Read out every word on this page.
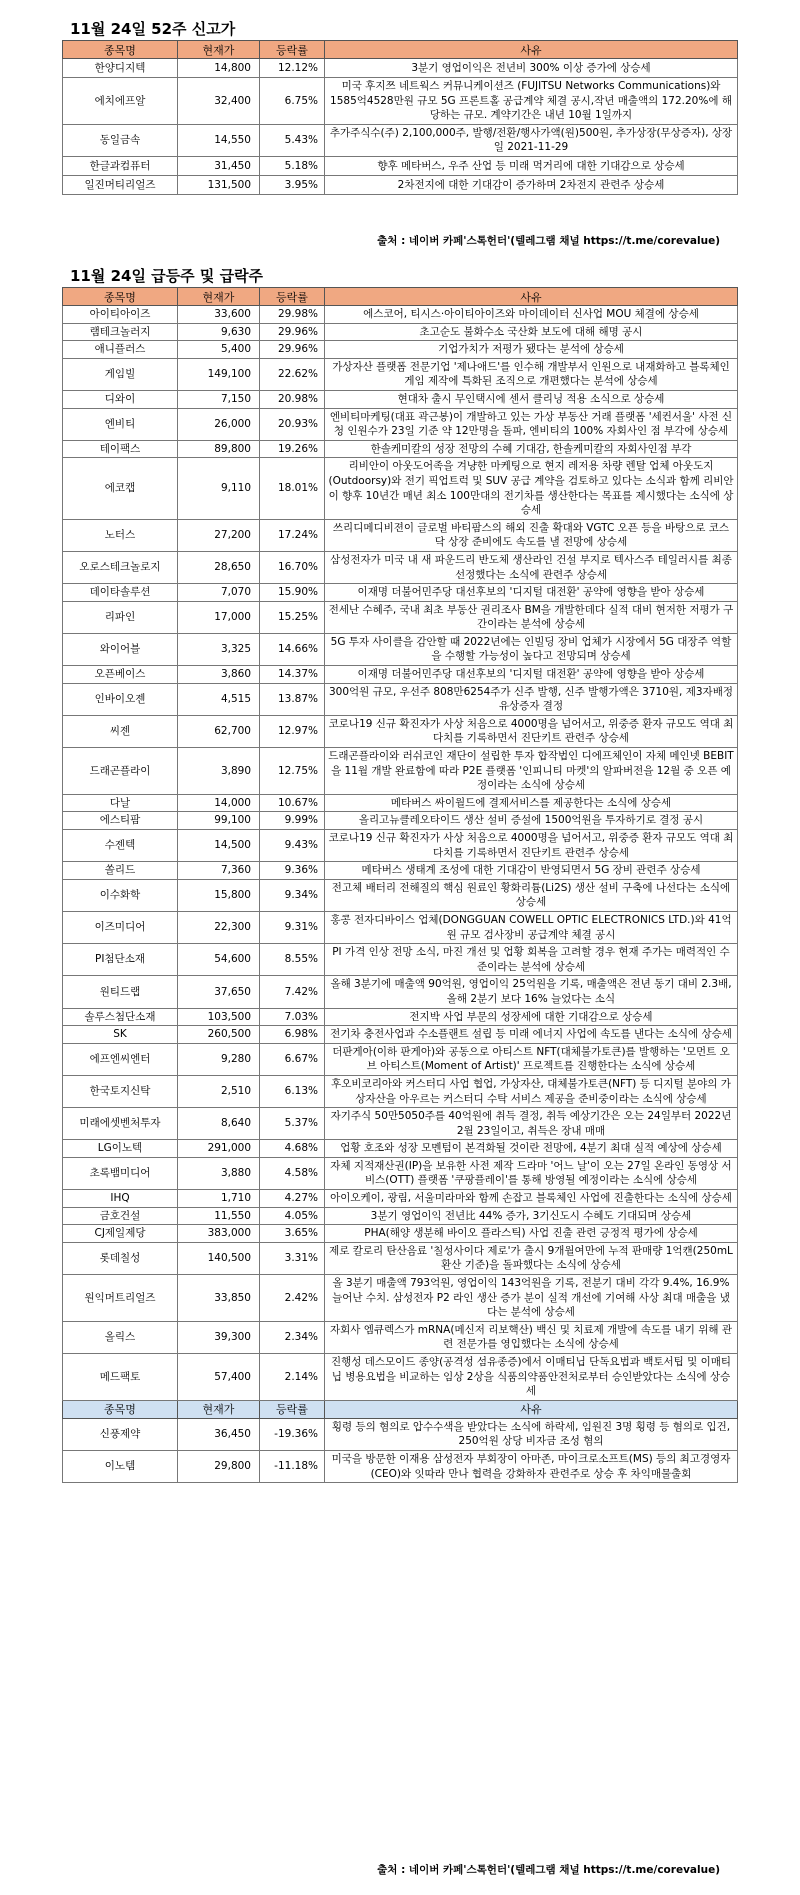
11월 24일 52주 신고가
종목명	현재가	등락률	사유
한양디지텍	14,800	12.12%	3분기 영업이익은 전년비 300% 이상 증가에 상승세
에치에프알	32,400	6.75%	미국 후지쯔 네트웍스 커뮤니케이션즈 (FUJITSU Networks Communications)와 1585억4528만원 규모 5G 프론트홀 공급계약 체결 공시,작년 매출액의 172.20%에 해당하는 규모. 계약기간은 내년 10월 1일까지
동일금속	14,550	5.43%	추가주식수(주) 2,100,000주, 발행/전환/행사가액(원)500원, 추가상장(무상증자), 상장일 2021-11-29
한글과컴퓨터	31,450	5.18%	향후 메타버스, 우주 산업 등 미래 먹거리에 대한 기대감으로 상승세
일진머티리얼즈	131,500	3.95%	2차전지에 대한 기대감이 증가하며 2차전지 관련주 상승세
출처 : 네이버 카페'스톡헌터'(텔레그램 채널 https://t.me/corevalue)
11월 24일 급등주 및 급락주
종목명	현재가	등락률	사유
아이티아이즈	33,600	29.98%	에스코어, 티시스·아이티아이즈와 마이데이터 신사업 MOU 체결에 상승세
램테크놀러지	9,630	29.96%	초고순도 불화수소 국산화 보도에 대해 해명 공시
애니플러스	5,400	29.96%	기업가치가 저평가 됐다는 분석에 상승세
게임빌	149,100	22.62%	가상자산 플랫폼 전문기업 '제나애드'를 인수해 개발부서 인원으로 내재화하고 블록체인 게임 제작에 특화된 조직으로 개편했다는 분석에 상승세
디와이	7,150	20.98%	현대차 출시 무인택시에 센서 클리닝 적용 소식으로 상승세
엔비티	26,000	20.93%	엔비티마케팅(대표 곽근봉)이 개발하고 있는 가상 부동산 거래 플랫폼 '세컨서울' 사전 신청 인원수가 23일 기준 약 12만명을 돌파, 엔비티의 100% 자회사인 점 부각에 상승세
테이팩스	89,800	19.26%	한솔케미칼의 성장 전망의 수혜 기대감, 한솔케미칼의 자회사인점 부각
에코캡	9,110	18.01%	리비안이 아웃도어족을 겨냥한 마케팅으로 현지 레저용 차량 렌탈 업체 아웃도지(Outdoorsy)와 전기 픽업트럭 및 SUV 공급 계약을 검토하고 있다는 소식과 함께 리비안이 향후 10년간 매년 최소 100만대의 전기차를 생산한다는 목표를 제시했다는 소식에 상승세
노터스	27,200	17.24%	쓰리디메디비젼이 글로벌 바티팜스의 해외 진출 확대와 VGTC 오픈 등을 바탕으로 코스닥 상장 준비에도 속도를 낼 전망에 상승세
오로스테크놀로지	28,650	16.70%	삼성전자가 미국 내 새 파운드리 반도체 생산라인 건설 부지로 텍사스주 테일러시를 최종 선정했다는 소식에 관련주 상승세
데이타솔루션	7,070	15.90%	이재명 더불어민주당 대선후보의 '디지털 대전환' 공약에 영향을 받아 상승세
리파인	17,000	15.25%	전세난 수혜주, 국내 최초 부동산 권리조사 BM을 개발한데다 실적 대비 현저한 저평가 구간이라는 분석에 상승세
와이어블	3,325	14.66%	5G 투자 사이클을 감안할 때 2022년에는 인빌딩 장비 업체가 시장에서 5G 대장주 역할을 수행할 가능성이 높다고 전망되며 상승세
오픈베이스	3,860	14.37%	이재명 더불어민주당 대선후보의 '디지털 대전환' 공약에 영향을 받아 상승세
인바이오젠	4,515	13.87%	300억원 규모, 우선주 808만6254주가 신주 발행, 신주 발행가액은 3710원, 제3자배정 유상증자 결정
씨젠	62,700	12.97%	코로나19 신규 확진자가 사상 처음으로 4000명을 넘어서고, 위중증 환자 규모도 역대 최다치를 기록하면서 진단키트 관련주 상승세
드래곤플라이	3,890	12.75%	드래곤플라이와 러쉬코인 재단이 설립한 투자 합작법인 디에프체인이 자체 메인넷 BEBIT을 11월 개발 완료함에 따라 P2E 플랫폼 '인피니티 마켓'의 알파버전을 12월 중 오픈 예정이라는 소식에 상승세
다날	14,000	10.67%	메타버스 싸이월드에 결제서비스를 제공한다는 소식에 상승세
에스티팜	99,100	9.99%	올리고뉴클레오타이드 생산 설비 증설에 1500억원을 투자하기로 결정 공시
수젠텍	14,500	9.43%	코로나19 신규 확진자가 사상 처음으로 4000명을 넘어서고, 위중증 환자 규모도 역대 최다치를 기록하면서 진단키트 관련주 상승세
쏠리드	7,360	9.36%	메타버스 생태계 조성에 대한 기대감이 반영되면서 5G 장비 관련주 상승세
이수화학	15,800	9.34%	전고체 배터리 전해질의 핵심 원료인 황화리튬(Li2S) 생산 설비 구축에 나선다는 소식에 상승세
이즈미디어	22,300	9.31%	홍콩 전자디바이스 업체(DONGGUAN COWELL OPTIC ELECTRONICS LTD.)와 41억원 규모 검사장비 공급계약 체결 공시
PI첨단소재	54,600	8.55%	PI 가격 인상 전망 소식, 마진 개선 및 업황 회복을 고려할 경우 현재 주가는 매력적인 수준이라는 분석에 상승세
원티드랩	37,650	7.42%	올해 3분기에 매출액 90억원, 영업이익 25억원을 기록, 매출액은 전년 동기 대비 2.3배, 올해 2분기 보다 16% 늘었다는 소식
솔루스첨단소재	103,500	7.03%	전지박 사업 부문의 성장세에 대한 기대감으로 상승세
SK	260,500	6.98%	전기차 충전사업과 수소플랜트 설립 등 미래 에너지 사업에 속도를 낸다는 소식에 상승세
에프엔씨엔터	9,280	6.67%	더판게아(이하 판게아)와 공동으로 아티스트 NFT(대체불가토큰)를 발행하는 '모먼트 오브 아티스트(Moment of Artist)' 프로젝트를 진행한다는 소식에 상승세
한국토지신탁	2,510	6.13%	후오비코리아와 커스터디 사업 협업, 가상자산, 대체불가토큰(NFT) 등 디지털 분야의 가상자산을 아우르는 커스터디 수탁 서비스 제공을 준비중이라는 소식에 상승세
미래에셋벤처투자	8,640	5.37%	자기주식 50만5050주를 40억원에 취득 결정, 취득 예상기간은 오는 24일부터 2022년 2월 23일이고, 취득은 장내 매매
LG이노텍	291,000	4.68%	업황 호조와 성장 모멘텀이 본격화될 것이란 전망에, 4분기 최대 실적 예상에 상승세
초록뱀미디어	3,880	4.58%	자체 지적재산권(IP)을 보유한 사전 제작 드라마 '어느 날'이 오는 27일 온라인 동영상 서비스(OTT) 플랫폼 '쿠팡플레이'를 통해 방영될 예정이라는 소식에 상승세
IHQ	1,710	4.27%	아이오케이, 광림, 서울미라마와 함께 손잡고 블록체인 사업에 진출한다는 소식에 상승세
금호건설	11,550	4.05%	3분기 영업이익 전년比 44% 증가, 3기신도시 수혜도 기대되며 상승세
CJ제일제당	383,000	3.65%	PHA(해양 생분해 바이오 플라스틱) 사업 진출 관련 긍정적 평가에 상승세
롯데칠성	140,500	3.31%	제로 칼로리 탄산음료 '칠성사이다 제로'가 출시 9개월여만에 누적 판매량 1억캔(250mL 환산 기준)을 돌파했다는 소식에 상승세
원익머트리얼즈	33,850	2.42%	올 3분기 매출액 793억원, 영업이익 143억원을 기록, 전분기 대비 각각 9.4%, 16.9% 늘어난 수치. 삼성전자 P2 라인 생산 증가 분이 실적 개선에 기여해 사상 최대 매출을 냈다는 분석에 상승세
올릭스	39,300	2.34%	자회사 엠큐렉스가 mRNA(메신저 리보핵산) 백신 및 치료제 개발에 속도를 내기 위해 관련 전문가를 영입했다는 소식에 상승세
메드팩토	57,400	2.14%	진행성 데스모이드 종양(공격성 섬유종증)에서 이매티닙 단독요법과 백토서팁 및 이매티닙 병용요법을 비교하는 임상 2상을 식품의약품안전처로부터 승인받았다는 소식에 상승세
종목명	현재가	등락률	사유
신풍제약	36,450	-19.36%	횡령 등의 혐의로 압수수색을 받았다는 소식에 하락세, 임원진 3명 횡령 등 혐의로 입건, 250억원 상당 비자금 조성 혐의
이노템	29,800	-11.18%	미국을 방문한 이재용 삼성전자 부회장이 아마존, 마이크로소프트(MS) 등의 최고경영자(CEO)와 잇따라 만나 협력을 강화하자 관련주로 상승 후 차익매물출회
출처 : 네이버 카페'스톡헌터'(텔레그램 채널 https://t.me/corevalue)
